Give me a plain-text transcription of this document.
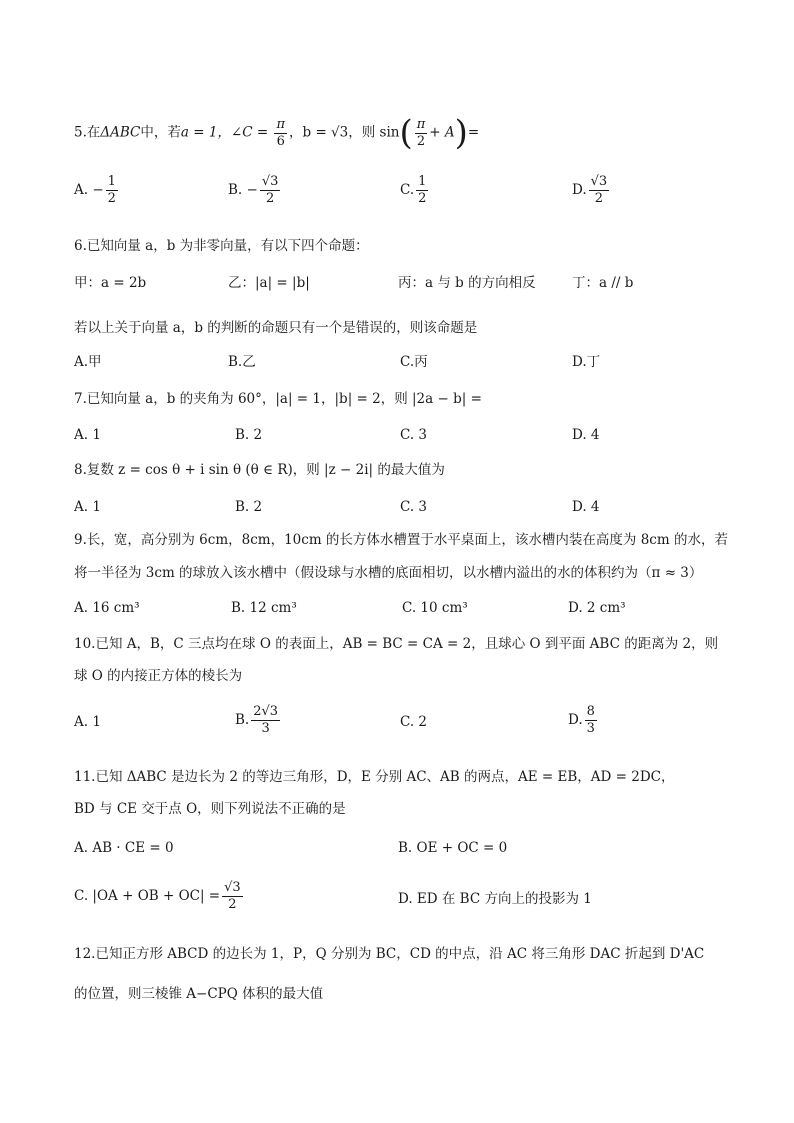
5.在ΔABC中，若a = 1，∠C = $\frac{\pi}{6}$ ，b = √3，则 $\sin( \frac{\pi}{2} + A)=$
A. − $\frac{1}{2}$	B. − $\frac{√3}{2}$	C. $\frac{1}{2}$	D. $\frac{√3}{2}$
6.已知向量 a，b 为非零向量，有以下四个命题：
甲：a = 2b	乙：|a| = |b|	丙：a 与 b 的方向相反	丁：a // b
若以上关于向量 a，b 的判断的命题只有一个是错误的，则该命题是
A.甲	B.乙	C.丙	D.丁
7.已知向量 a，b 的夹角为 60°，|a| = 1，|b| = 2，则 |2a − b| =
A. 1	B. 2	C. 3	D. 4
8.复数 z = cos θ + i sin θ (θ ∈ R)，则 |z − 2i| 的最大值为
A. 1	B. 2	C. 3	D. 4
9.长，宽，高分别为 6cm，8cm，10cm 的长方体水槽置于水平桌面上，该水槽内装在高度为 8cm 的水，若
将一半径为 3cm 的球放入该水槽中（假设球与水槽的底面相切，以水槽内溢出的水的体积约为（π ≈ 3）
A. 16 cm³	B. 12 cm³	C. 10 cm³	D. 2 cm³
10.已知 A，B，C 三点均在球 O 的表面上，AB = BC = CA = 2，且球心 O 到平面 ABC 的距离为 2，则
球 O 的内接正方体的棱长为
A. 1	B. $\frac{2√3}{3}$	C. 2	D. $\frac{8}{3}$
11.已知 ΔABC 是边长为 2 的等边三角形，D，E 分别 AC、AB 的两点，AE = EB，AD = 2DC，
BD 与 CE 交于点 O，则下列说法不正确的是
A. AB · CE = 0	B. OE + OC = 0
C. |OA + OB + $OC| = \frac{√3}{2}$	D. ED 在 BC 方向上的投影为 1
12.已知正方形 ABCD 的边长为 1，P，Q 分别为 BC，CD 的中点，沿 AC 将三角形 DAC 折起到 D'AC
的位置，则三棱锥 A−CPQ 体积的最大值
